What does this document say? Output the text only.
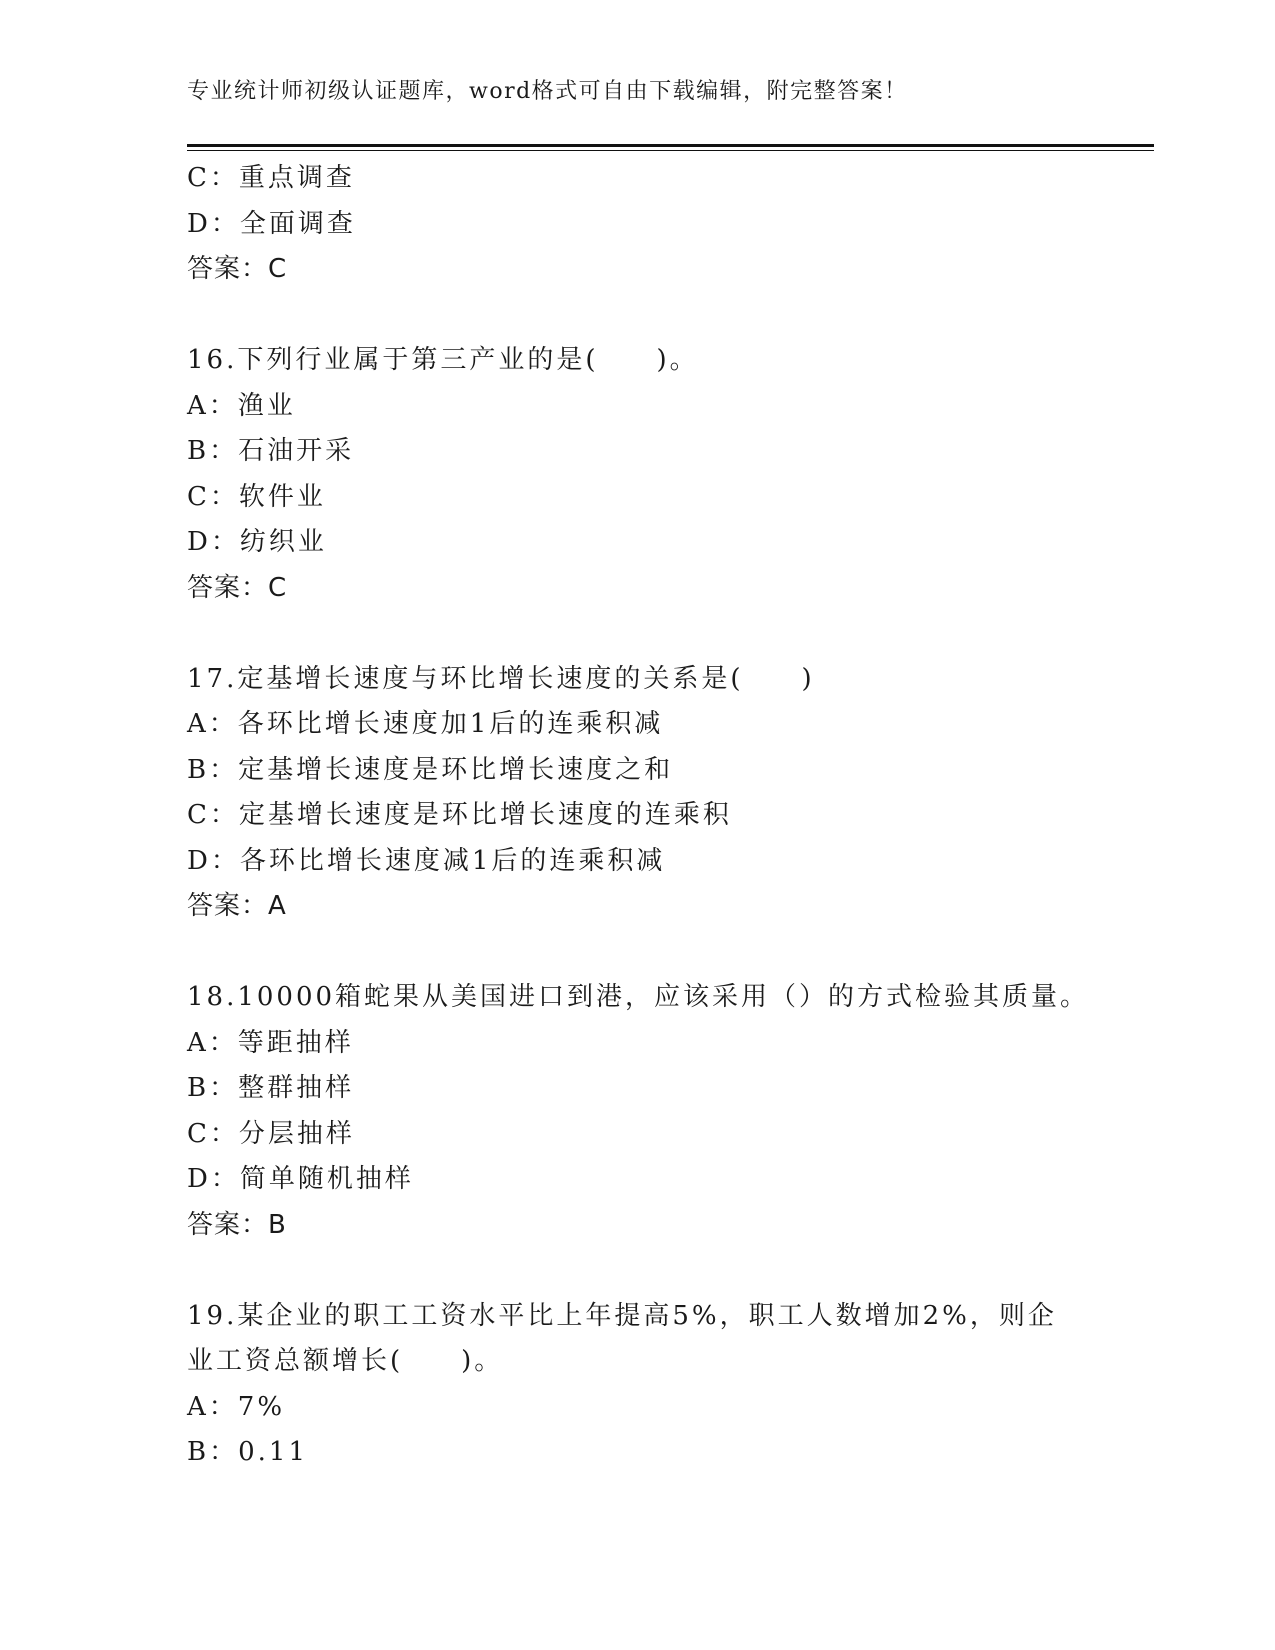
专业统计师初级认证题库，word格式可自由下载编辑，附完整答案！
C：重点调查
D：全面调查
答案：C
16.下列行业属于第三产业的是(　　)。
A：渔业
B：石油开采
C：软件业
D：纺织业
答案：C
17.定基增长速度与环比增长速度的关系是(　　)
A：各环比增长速度加1后的连乘积减
B：定基增长速度是环比增长速度之和
C：定基增长速度是环比增长速度的连乘积
D：各环比增长速度减1后的连乘积减
答案：A
18.10000箱蛇果从美国进口到港，应该采用（）的方式检验其质量。
A：等距抽样
B：整群抽样
C：分层抽样
D：简单随机抽样
答案：B
19.某企业的职工工资水平比上年提高5%，职工人数增加2%，则企
业工资总额增长(　　)。
A：7%
B：0.11
